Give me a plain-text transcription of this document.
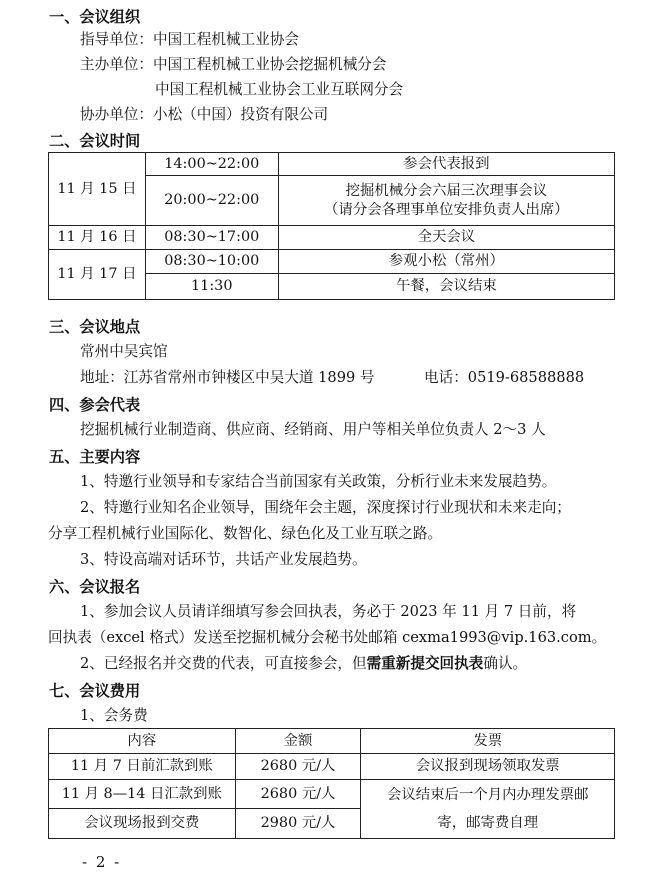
一、会议组织
指导单位：中国工程机械工业协会
主办单位：中国工程机械工业协会挖掘机械分会
中国工程机械工业协会工业互联网分会
协办单位：小松（中国）投资有限公司
二、会议时间
11 月 15 日	14:00~22:00	参会代表报到
	20:00~22:00	挖掘机械分会六届三次理事会议
（请分会各理事单位安排负责人出席）

11 月 16 日	08:30~17:00	全天会议
11 月 17 日	08:30~10:00	参观小松（常州）
	11:30	午餐，会议结束
三、会议地点
常州中吴宾馆
地址：江苏省常州市钟楼区中吴大道 1899 号	电话：0519-68588888
四、参会代表
挖掘机械行业制造商、供应商、经销商、用户等相关单位负责人 2～3 人
五、主要内容
1、特邀行业领导和专家结合当前国家有关政策，分析行业未来发展趋势。
2、特邀行业知名企业领导，围绕年会主题，深度探讨行业现状和未来走向；
分享工程机械行业国际化、数智化、绿色化及工业互联之路。
3、特设高端对话环节，共话产业发展趋势。
六、会议报名
1、参加会议人员请详细填写参会回执表，务必于 2023 年 11 月 7 日前，将
回执表（excel 格式）发送至挖掘机械分会秘书处邮箱 cexma1993@vip.163.com。
2、已经报名并交费的代表，可直接参会，但需重新提交回执表确认。
七、会议费用
1、会务费
内容	金额	发票
11 月 7 日前汇款到账	2680 元/人	会议报到现场领取发票
11 月 8—14 日汇款到账	2680 元/人	会议结束后一个月内办理发票邮
寄，邮寄费自理

会议现场报到交费	2980 元/人	
- 2 -
